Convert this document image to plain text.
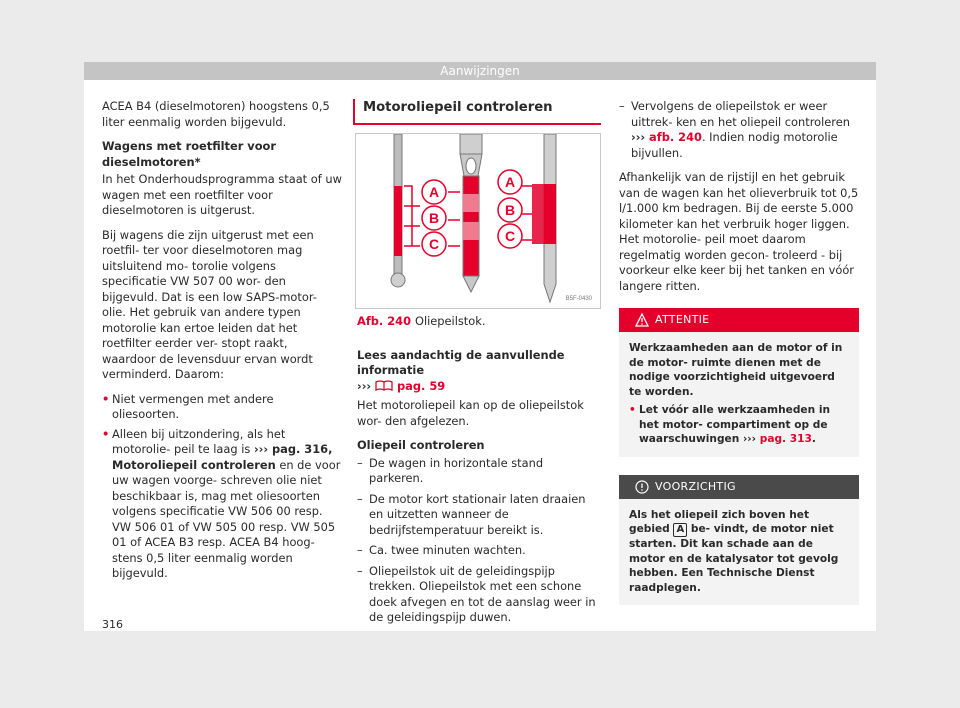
Aanwijzingen

ACEA B4 (dieselmotoren) hoogstens 0,5 liter eenmalig worden bijgevuld.

Wagens met roetfilter voor dieselmotoren*

In het Onderhoudsprogramma staat of uw wagen met een roetfilter voor dieselmotoren is uitgerust.

Bij wagens die zijn uitgerust met een roetfil- ter voor dieselmotoren mag uitsluitend mo- torolie volgens specificatie VW 507 00 wor- den bijgevuld. Dat is een low SAPS-motor- olie. Het gebruik van andere typen motorolie kan ertoe leiden dat het roetfilter eerder ver- stopt raakt, waardoor de levensduur ervan wordt verminderd. Daarom:

• Niet vermengen met andere oliesoorten.
• Alleen bij uitzondering, als het motorolie- peil te laag is ››› pag. 316, Motoroliepeil controleren en de voor uw wagen voorge- schreven olie niet beschikbaar is, mag met oliesoorten volgens specificatie VW 506 00 resp. VW 506 01 of VW 505 00 resp. VW 505 01 of ACEA B3 resp. ACEA B4 hoog- stens 0,5 liter eenmalig worden bijgevuld.
Motoroliepeil controleren
A
B
C
A
B
C
B5F-0430
Afb. 240 Oliepeilstok.

Lees aandachtig de aanvullende informatie
›››  pag. 59

Het motoroliepeil kan op de oliepeilstok wor- den afgelezen.

Oliepeil controleren

– De wagen in horizontale stand parkeren.
– De motor kort stationair laten draaien en uitzetten wanneer de bedrijfstemperatuur bereikt is.
– Ca. twee minuten wachten.
– Oliepeilstok uit de geleidingspijp trekken. Oliepeilstok met een schone doek afvegen en tot de aanslag weer in de geleidingspijp duwen.
– Vervolgens de oliepeilstok er weer uittrek- ken en het oliepeil controleren ››› afb. 240. Indien nodig motorolie bijvullen.

Afhankelijk van de rijstijl en het gebruik van de wagen kan het olieverbruik tot 0,5 l/1.000 km bedragen. Bij de eerste 5.000 kilometer kan het verbruik hoger liggen. Het motorolie- peil moet daarom regelmatig worden gecon- troleerd - bij voorkeur elke keer bij het tanken en vóór langere ritten.

ATTENTIE

Werkzaamheden aan de motor of in de motor- ruimte dienen met de nodige voorzichtigheid uitgevoerd te worden.

• Let vóór alle werkzaamheden in het motor- compartiment op de waarschuwingen ››› pag. 313.
VOORZICHTIG
Als het oliepeil zich boven het gebied A be- vindt, de motor niet starten. Dit kan schade aan de motor en de katalysator tot gevolg hebben. Een Technische Dienst raadplegen.
316
